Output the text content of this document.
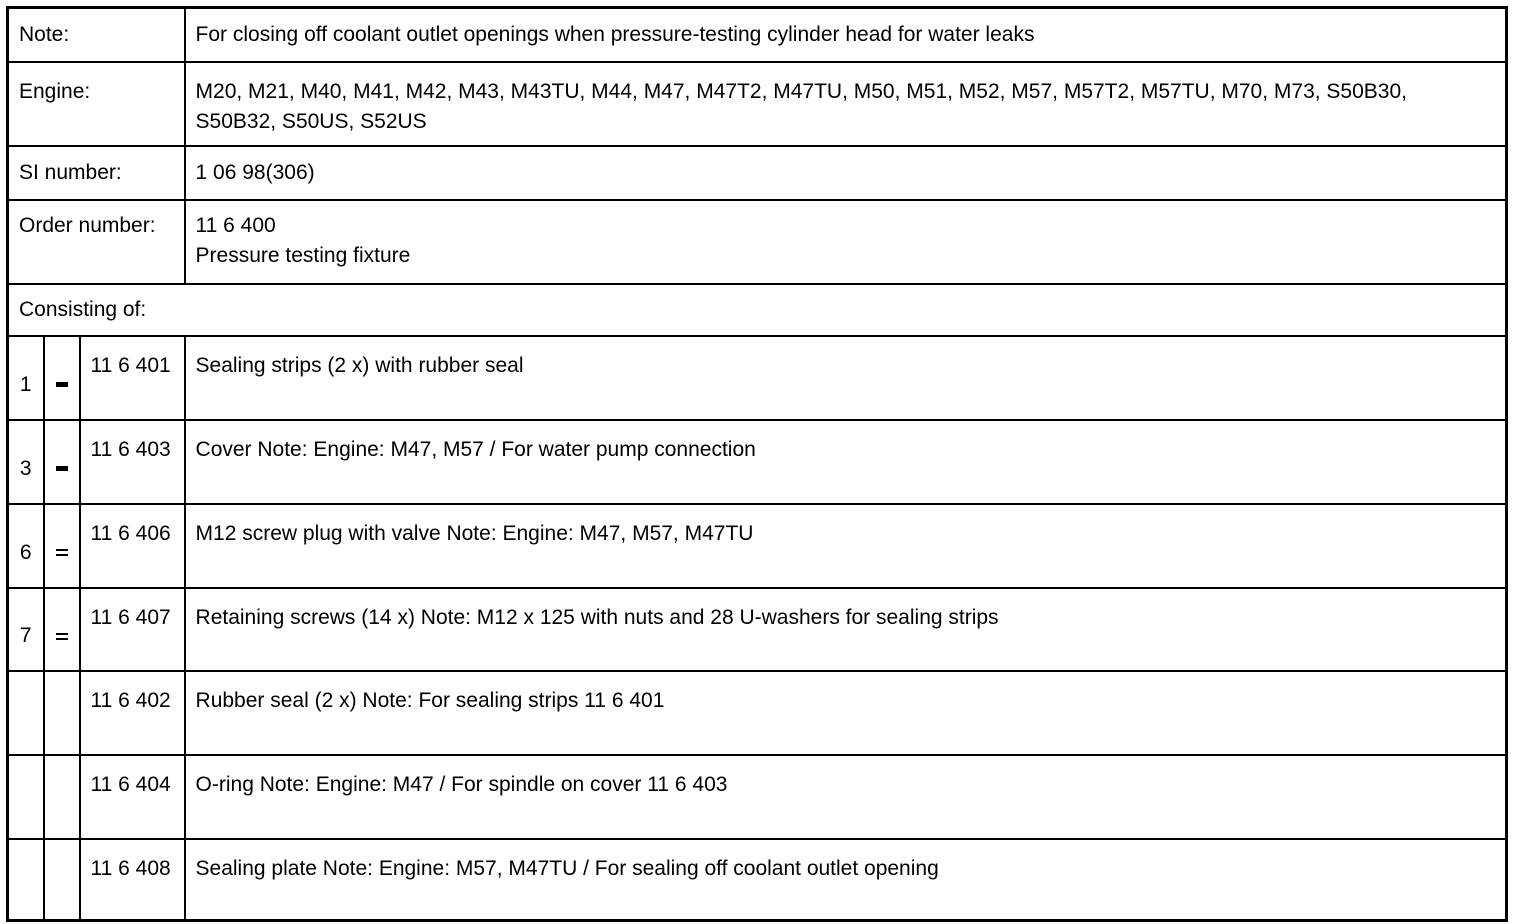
Note:			For closing off coolant outlet openings when pressure-testing cylinder head for water leaks
Engine:			M20, M21, M40, M41, M42, M43, M43TU, M44, M47, M47T2, M47TU, M50, M51, M52, M57, M57T2, M57TU, M70, M73, S50B30, S50B32, S50US, S52US
SI number:			1 06 98(306)
Order number:			11 6 400
Pressure testing fixture

Consisting of:			
1		11 6 401	Sealing strips (2 x) with rubber seal
3		11 6 403	Cover Note: Engine: M47, M57 / For water pump connection
6		11 6 406	M12 screw plug with valve Note: Engine: M47, M57, M47TU
7		11 6 407	Retaining screws (14 x) Note: M12 x 125 with nuts and 28 U-washers for sealing strips
		11 6 402	Rubber seal (2 x) Note: For sealing strips 11 6 401
		11 6 404	O-ring Note: Engine: M47 / For spindle on cover 11 6 403
		11 6 408	Sealing plate Note: Engine: M57, M47TU / For sealing off coolant outlet opening
